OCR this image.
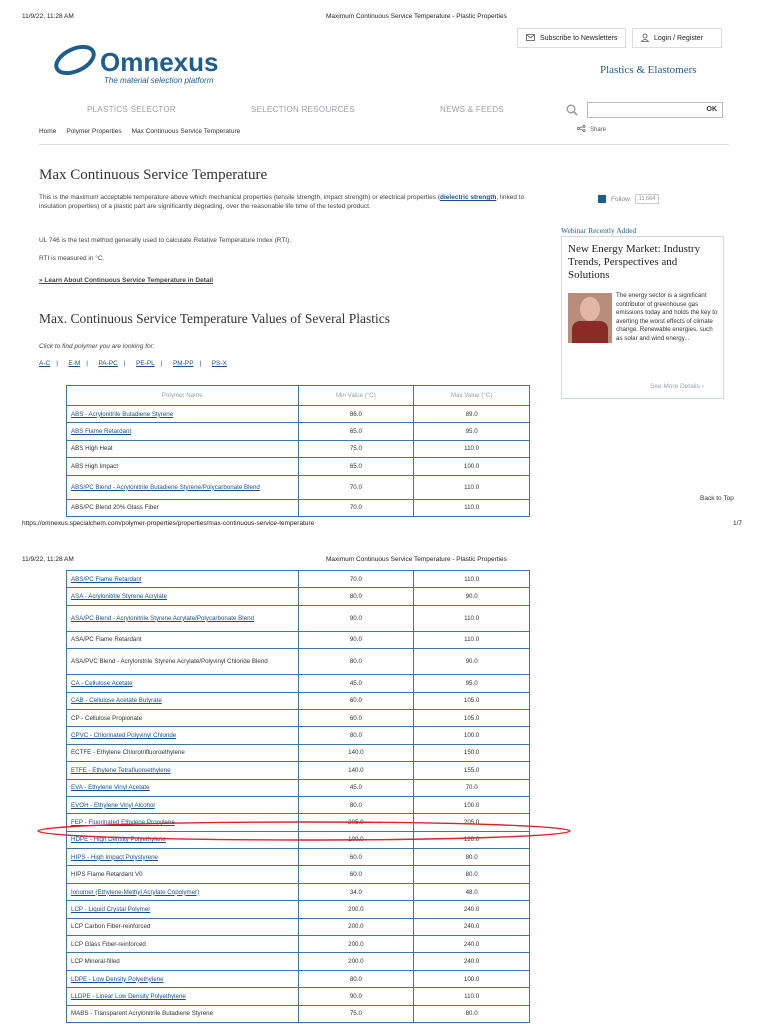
11/9/22, 11:28 AM	Maximum Continuous Service Temperature - Plastic Properties
Subscribe to Newsletters	Login / Register
Omnexus
The material selection platform
Plastics & Elastomers
PLASTICS SELECTOR	SELECTION RESOURCES	NEWS & FEEDS	OK
Share
Home Polymer Properties Max Continuous Service Temperature
Max Continuous Service Temperature

This is the maximum acceptable temperature above which mechanical properties (tensile strength, impact strength) or electrical properties (dielectric strength, linked to insulation properties) of a plastic part are significantly degrading, over the reasonable life time of the tested product.

UL 746 is the test method generally used to calculate Relative Temperature Index (RTI).

RTI is measured in °C.

» Learn About Continuous Service Temperature in Detail
Max. Continuous Service Temperature Values of Several Plastics

Click to find polymer you are looking for:

A-C | E-M | PA-PC | PE-PL | PM-PP | PS-X
Polymer Name	Min Value (°C)	Max Value (°C)
ABS - Acrylonitrile Butadiene Styrene	86.0	89.0
ABS Flame Retardant	65.0	95.0
ABS High Heat	75.0	110.0
ABS High Impact	65.0	100.0
ABS/PC Blend - Acrylonitrile Butadiene Styrene/Polycarbonate Blend	70.0	110.0
ABS/PC Blend 20% Glass Fiber	70.0	110.0
Follow	11,664
Webinar Recently Added
New Energy Market: Industry Trends, Perspectives and Solutions
The energy sector is a significant contributor of greenhouse gas emissions today and holds the key to averting the worst effects of climate change. Renewable energies, such as solar and wind energy...
See More Details ›
Back to Top
https://omnexus.specialchem.com/polymer-properties/properties/max-continuous-service-temperature	1/7
11/9/22, 11:28 AM	Maximum Continuous Service Temperature - Plastic Properties
ABS/PC Flame Retardant	70.0	110.0
ASA - Acrylonitrile Styrene Acrylate	80.0	90.0
ASA/PC Blend - Acrylonitrile Styrene Acrylate/Polycarbonate Blend	90.0	110.0
ASA/PC Flame Retardant	90.0	110.0
ASA/PVC Blend - Acrylonitrile Styrene Acrylate/Polyvinyl Chloride Blend	80.0	90.0
CA - Cellulose Acetate	45.0	95.0
CAB - Cellulose Acetate Butyrate	60.0	105.0
CP - Cellulose Propionate	60.0	105.0
CPVC - Chlorinated Polyvinyl Chloride	80.0	100.0
ECTFE - Ethylene Chlorotrifluoroethylene	140.0	150.0
ETFE - Ethylene Tetrafluoroethylene	140.0	155.0
EVA - Ethylene Vinyl Acetate	45.0	70.0
EVOH - Ethylene Vinyl Alcohol	80.0	100.0
FEP - Fluorinated Ethylene Propylene	205.0	205.0
HDPE - High Density Polyethylene	100.0	120.0
HIPS - High Impact Polystyrene	60.0	80.0
HIPS Flame Retardant V0	60.0	80.0
Ionomer (Ethylene-Methyl Acrylate Copolymer)	34.0	48.0
LCP - Liquid Crystal Polymer	200.0	240.0
LCP Carbon Fiber-reinforced	200.0	240.0
LCP Glass Fiber-reinforced	200.0	240.0
LCP Mineral-filled	200.0	240.0
LDPE - Low Density Polyethylene	80.0	100.0
LLDPE - Linear Low Density Polyethylene	90.0	110.0
MABS - Transparent Acrylonitrile Butadiene Styrene	75.0	80.0
